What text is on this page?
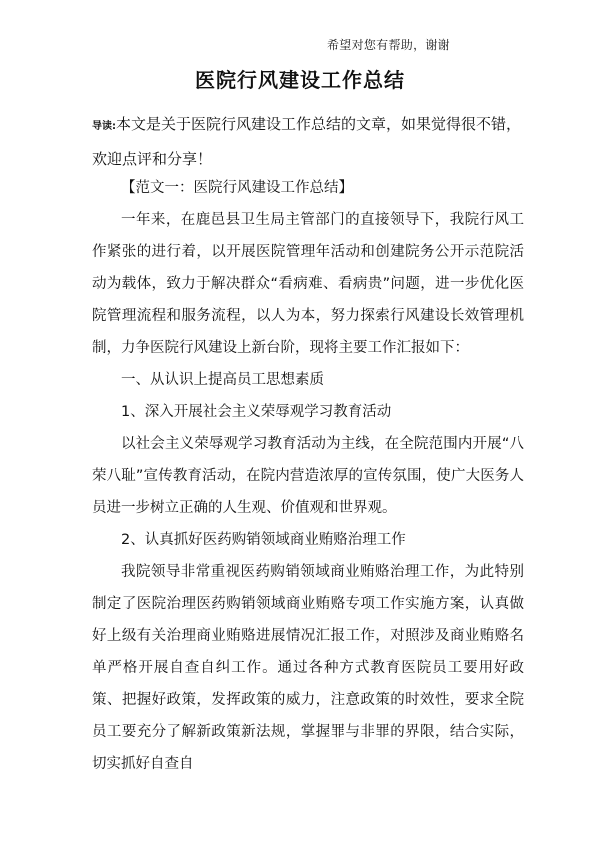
希望对您有帮助，谢谢
医院行风建设工作总结

导读:本文是关于医院行风建设工作总结的文章，如果觉得很不错，欢迎点评和分享！

【范文一：医院行风建设工作总结】

一年来，在鹿邑县卫生局主管部门的直接领导下，我院行风工作紧张的进行着，以开展医院管理年活动和创建院务公开示范院活动为载体，致力于解决群众“看病难、看病贵”问题，进一步优化医院管理流程和服务流程，以人为本，努力探索行风建设长效管理机制，力争医院行风建设上新台阶，现将主要工作汇报如下：

一、从认识上提高员工思想素质

1、深入开展社会主义荣辱观学习教育活动

以社会主义荣辱观学习教育活动为主线，在全院范围内开展“八荣八耻”宣传教育活动，在院内营造浓厚的宣传氛围，使广大医务人员进一步树立正确的人生观、价值观和世界观。

2、认真抓好医药购销领域商业贿赂治理工作

我院领导非常重视医药购销领域商业贿赂治理工作，为此特别制定了医院治理医药购销领域商业贿赂专项工作实施方案，认真做好上级有关治理商业贿赂进展情况汇报工作，对照涉及商业贿赂名单严格开展自查自纠工作。通过各种方式教育医院员工要用好政策、把握好政策，发挥政策的威力，注意政策的时效性，要求全院员工要充分了解新政策新法规，掌握罪与非罪的界限，结合实际，切实抓好自查自
